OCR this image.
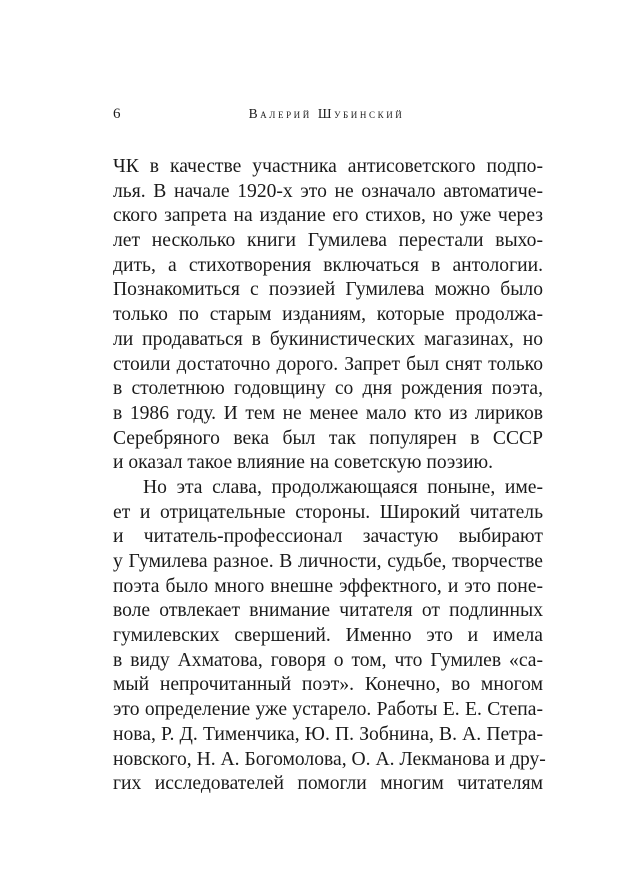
6	Валерий Шубинский
ЧК в качестве участника антисоветского подпо-
лья. В начале 1920-х это не означало автоматиче-
ского запрета на издание его стихов, но уже через
лет несколько книги Гумилева перестали выхо-
дить, а стихотворения включаться в антологии.
Познакомиться с поэзией Гумилева можно было
только по старым изданиям, которые продолжа-
ли продаваться в букинистических магазинах, но
стоили достаточно дорого. Запрет был снят только
в столетнюю годовщину со дня рождения поэта,
в 1986 году. И тем не менее мало кто из лириков
Серебряного века был так популярен в СССР
и оказал такое влияние на советскую поэзию.
Но эта слава, продолжающаяся поныне, име-
ет и отрицательные стороны. Широкий читатель
и читатель-профессионал зачастую выбирают
у Гумилева разное. В личности, судьбе, творчестве
поэта было много внешне эффектного, и это поне-
воле отвлекает внимание читателя от подлинных
гумилевских свершений. Именно это и имела
в виду Ахматова, говоря о том, что Гумилев «са-
мый непрочитанный поэт». Конечно, во многом
это определение уже устарело. Работы Е. Е. Степа-
нова, Р. Д. Тименчика, Ю. П. Зобнина, В. А. Петра-
новского, Н. А. Богомолова, О. А. Лекманова и дру-
гих исследователей помогли многим читателям
